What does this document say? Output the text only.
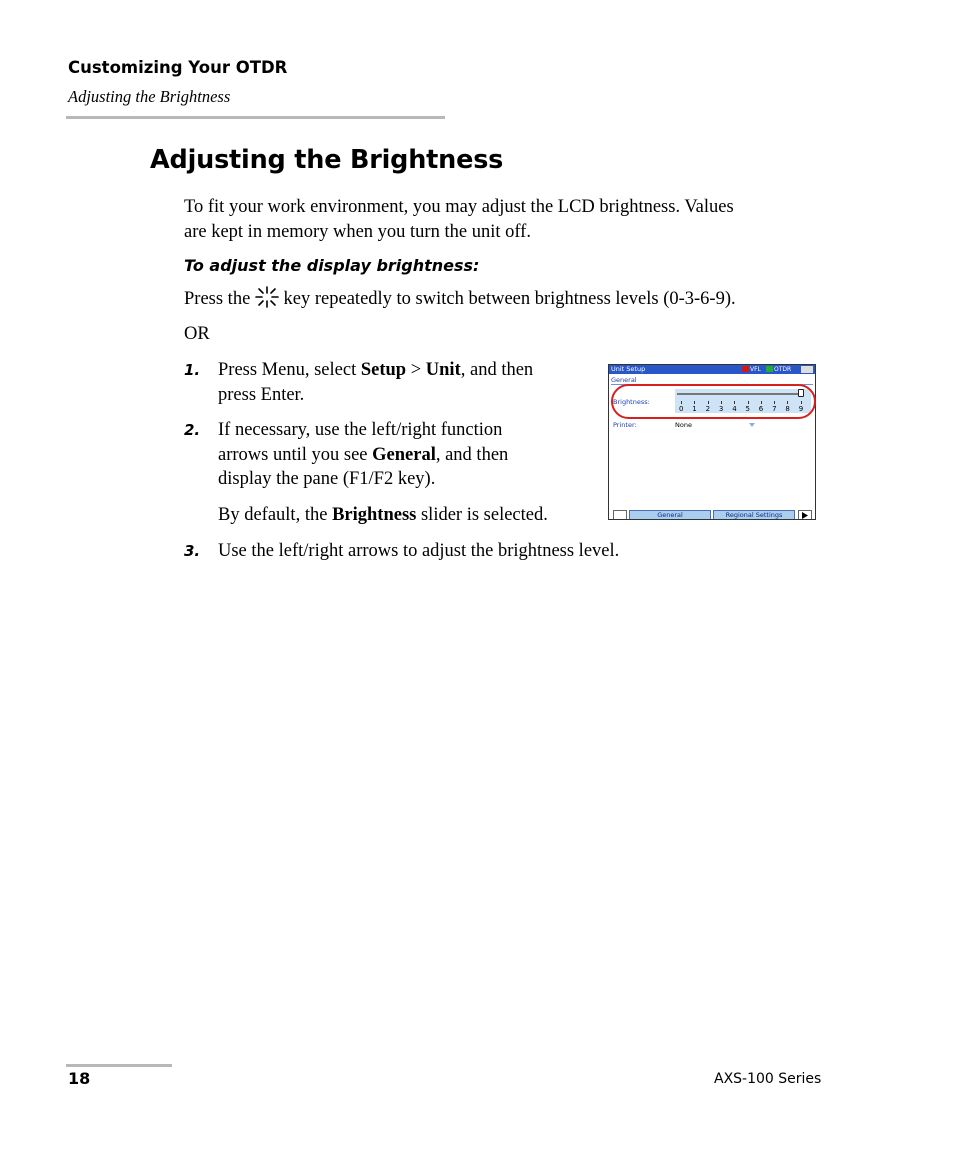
Customizing Your OTDR
Adjusting the Brightness
Adjusting the Brightness
To fit your work environment, you may adjust the LCD brightness. Values
are kept in memory when you turn the unit off.
To adjust the display brightness:
Press the key repeatedly to switch between brightness levels (0-3-6-9).
OR
1. Press Menu, select Setup > Unit, and then
press Enter.
2. If necessary, use the left/right function
arrows until you see General, and then
display the pane (F1/F2 key).
By default, the Brightness slider is selected.
3. Use the left/right arrows to adjust the brightness level.
Unit Setup	VFL OTDR
General
Brightness:
0 1 2 3 4 5 6 7 8 9
Printer:	None
General	Regional Settings
18	AXS-100 Series
